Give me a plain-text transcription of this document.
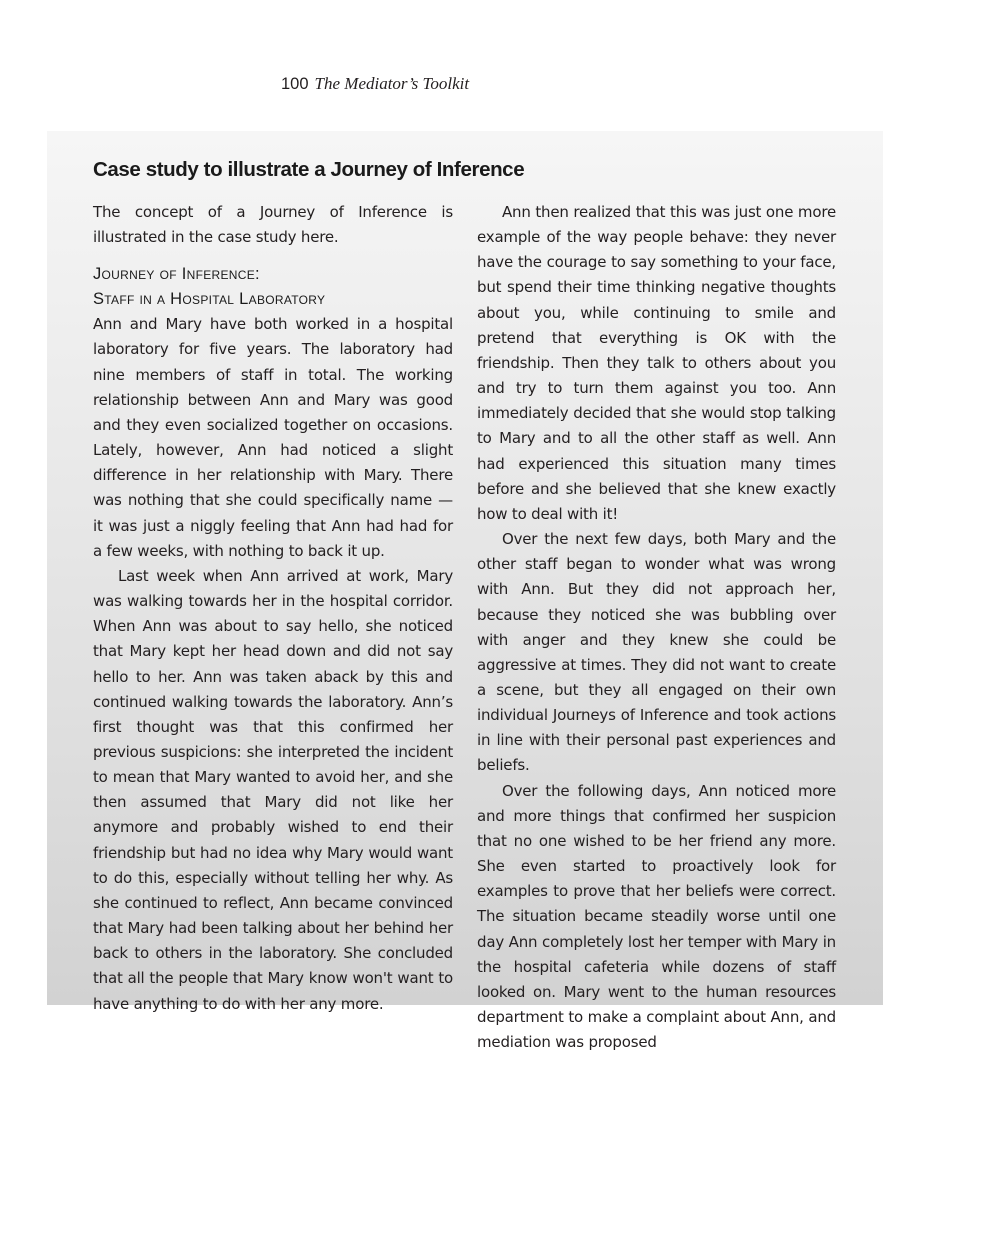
100 The Mediator’s Toolkit
Case study to illustrate a Journey of Inference

The concept of a Journey of Inference is illustrated in the case study here.

Journey of Inference:
Staff in a Hospital Laboratory

Ann and Mary have both worked in a hospital laboratory for five years. The laboratory had nine members of staff in total. The working relationship between Ann and Mary was good and they even socialized together on occasions. Lately, however, Ann had noticed a slight difference in her relationship with Mary. There was nothing that she could specifically name — it was just a niggly feeling that Ann had had for a few weeks, with nothing to back it up.

Last week when Ann arrived at work, Mary was walking towards her in the hospital corridor. When Ann was about to say hello, she noticed that Mary kept her head down and did not say hello to her. Ann was taken aback by this and continued walking towards the laboratory. Ann’s first thought was that this confirmed her previous suspicions: she interpreted the incident to mean that Mary wanted to avoid her, and she then assumed that Mary did not like her anymore and probably wished to end their friendship but had no idea why Mary would want to do this, especially without telling her why. As she continued to reflect, Ann became convinced that Mary had been talking about her behind her back to others in the laboratory. She concluded that all the people that Mary know won't want to have anything to do with her any more.

Ann then realized that this was just one more example of the way people behave: they never have the courage to say something to your face, but spend their time thinking negative thoughts about you, while continuing to smile and pretend that everything is OK with the friendship. Then they talk to others about you and try to turn them against you too. Ann immediately decided that she would stop talking to Mary and to all the other staff as well. Ann had experienced this situation many times before and she believed that she knew exactly how to deal with it!

Over the next few days, both Mary and the other staff began to wonder what was wrong with Ann. But they did not approach her, because they noticed she was bubbling over with anger and they knew she could be aggressive at times. They did not want to create a scene, but they all engaged on their own individual Journeys of Inference and took actions in line with their personal past experiences and beliefs.

Over the following days, Ann noticed more and more things that confirmed her suspicion that no one wished to be her friend any more. She even started to proactively look for examples to prove that her beliefs were correct. The situation became steadily worse until one day Ann completely lost her temper with Mary in the hospital cafeteria while dozens of staff looked on. Mary went to the human resources department to make a complaint about Ann, and mediation was proposed
